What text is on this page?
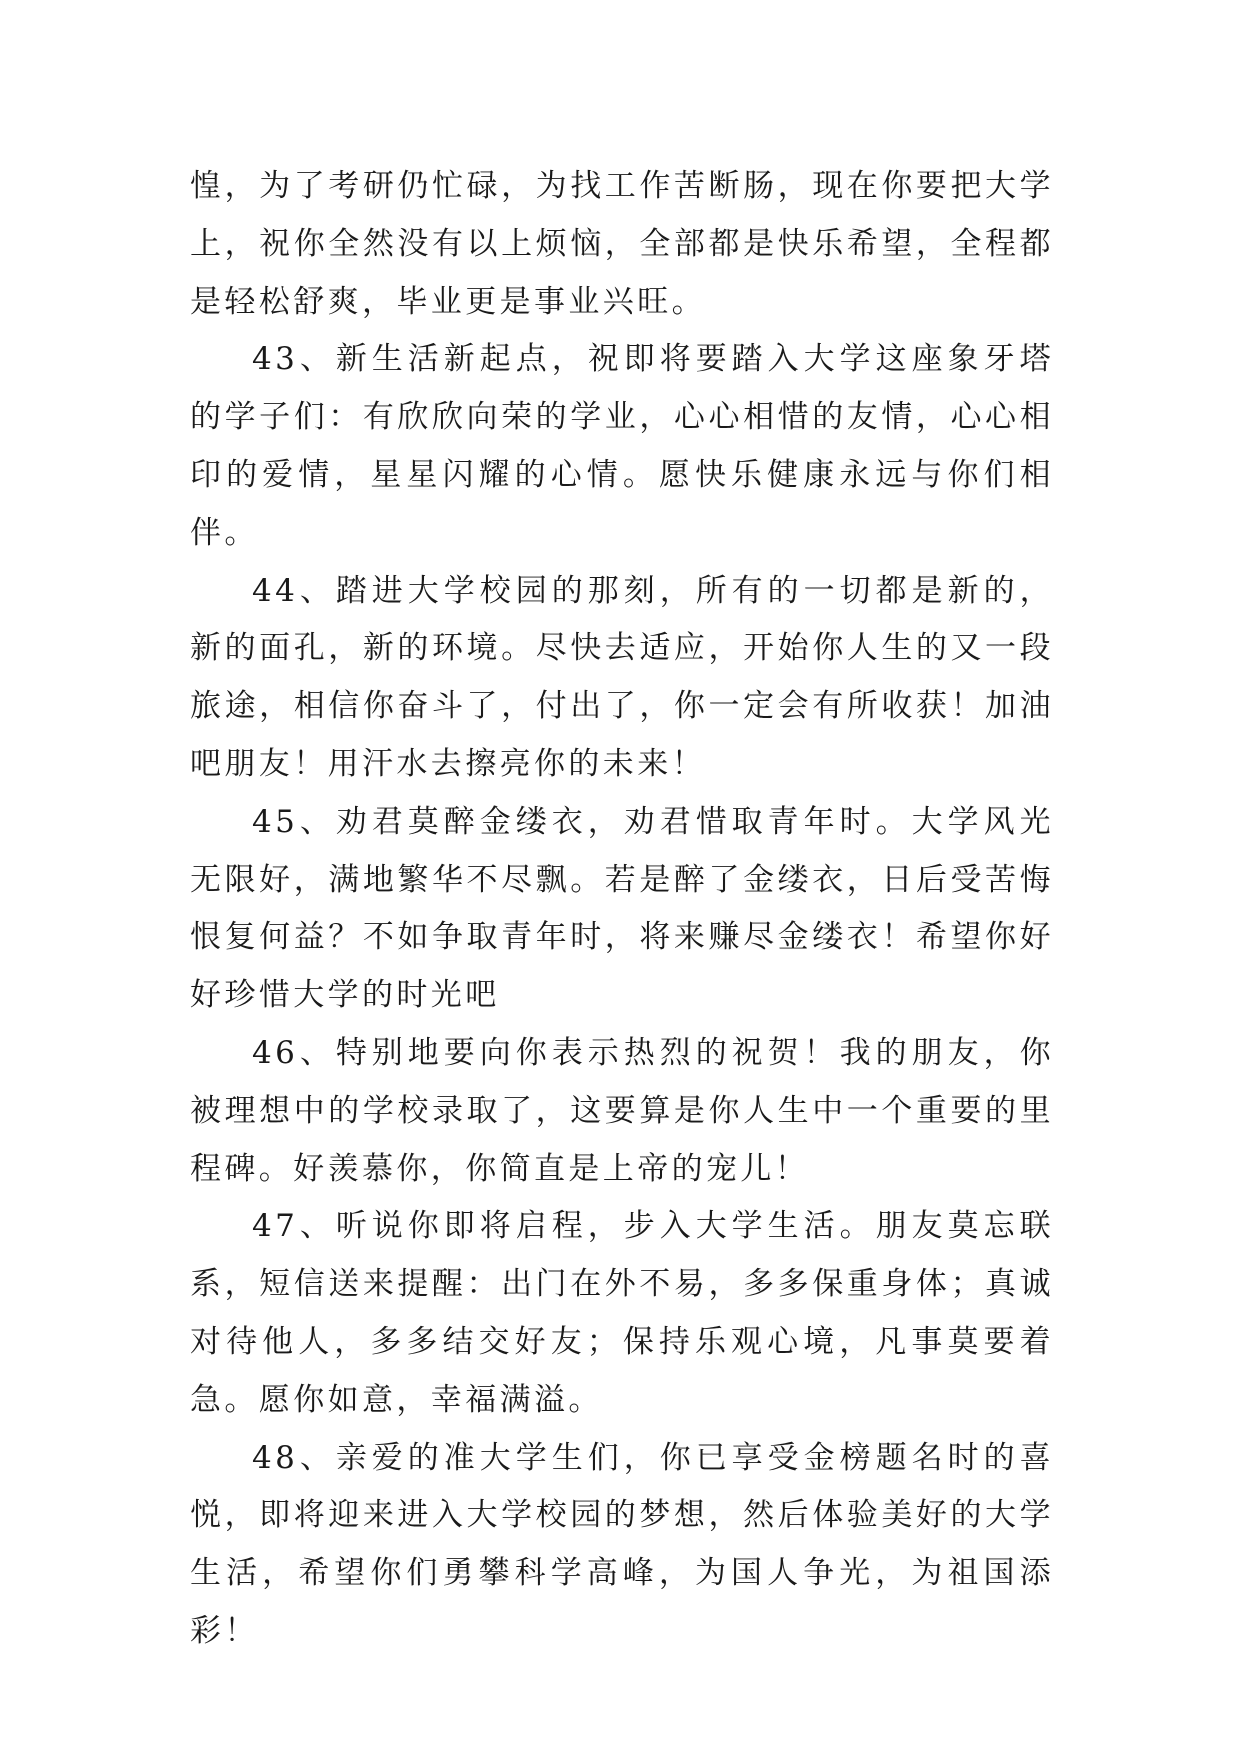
惶，为了考研仍忙碌，为找工作苦断肠，现在你要把大学上，祝你全然没有以上烦恼，全部都是快乐希望，全程都是轻松舒爽，毕业更是事业兴旺。

43、新生活新起点，祝即将要踏入大学这座象牙塔的学子们：有欣欣向荣的学业，心心相惜的友情，心心相印的爱情，星星闪耀的心情。愿快乐健康永远与你们相伴。

44、踏进大学校园的那刻，所有的一切都是新的，新的面孔，新的环境。尽快去适应，开始你人生的又一段旅途，相信你奋斗了，付出了，你一定会有所收获！加油吧朋友！用汗水去擦亮你的未来！

45、劝君莫醉金缕衣，劝君惜取青年时。大学风光无限好，满地繁华不尽飘。若是醉了金缕衣，日后受苦悔恨复何益？不如争取青年时，将来赚尽金缕衣！希望你好好珍惜大学的时光吧

46、特别地要向你表示热烈的祝贺！我的朋友，你被理想中的学校录取了，这要算是你人生中一个重要的里程碑。好羡慕你，你简直是上帝的宠儿！

47、听说你即将启程，步入大学生活。朋友莫忘联系，短信送来提醒：出门在外不易，多多保重身体；真诚对待他人，多多结交好友；保持乐观心境，凡事莫要着急。愿你如意，幸福满溢。

48、亲爱的准大学生们，你已享受金榜题名时的喜悦，即将迎来进入大学校园的梦想，然后体验美好的大学生活，希望你们勇攀科学高峰，为国人争光，为祖国添彩！
